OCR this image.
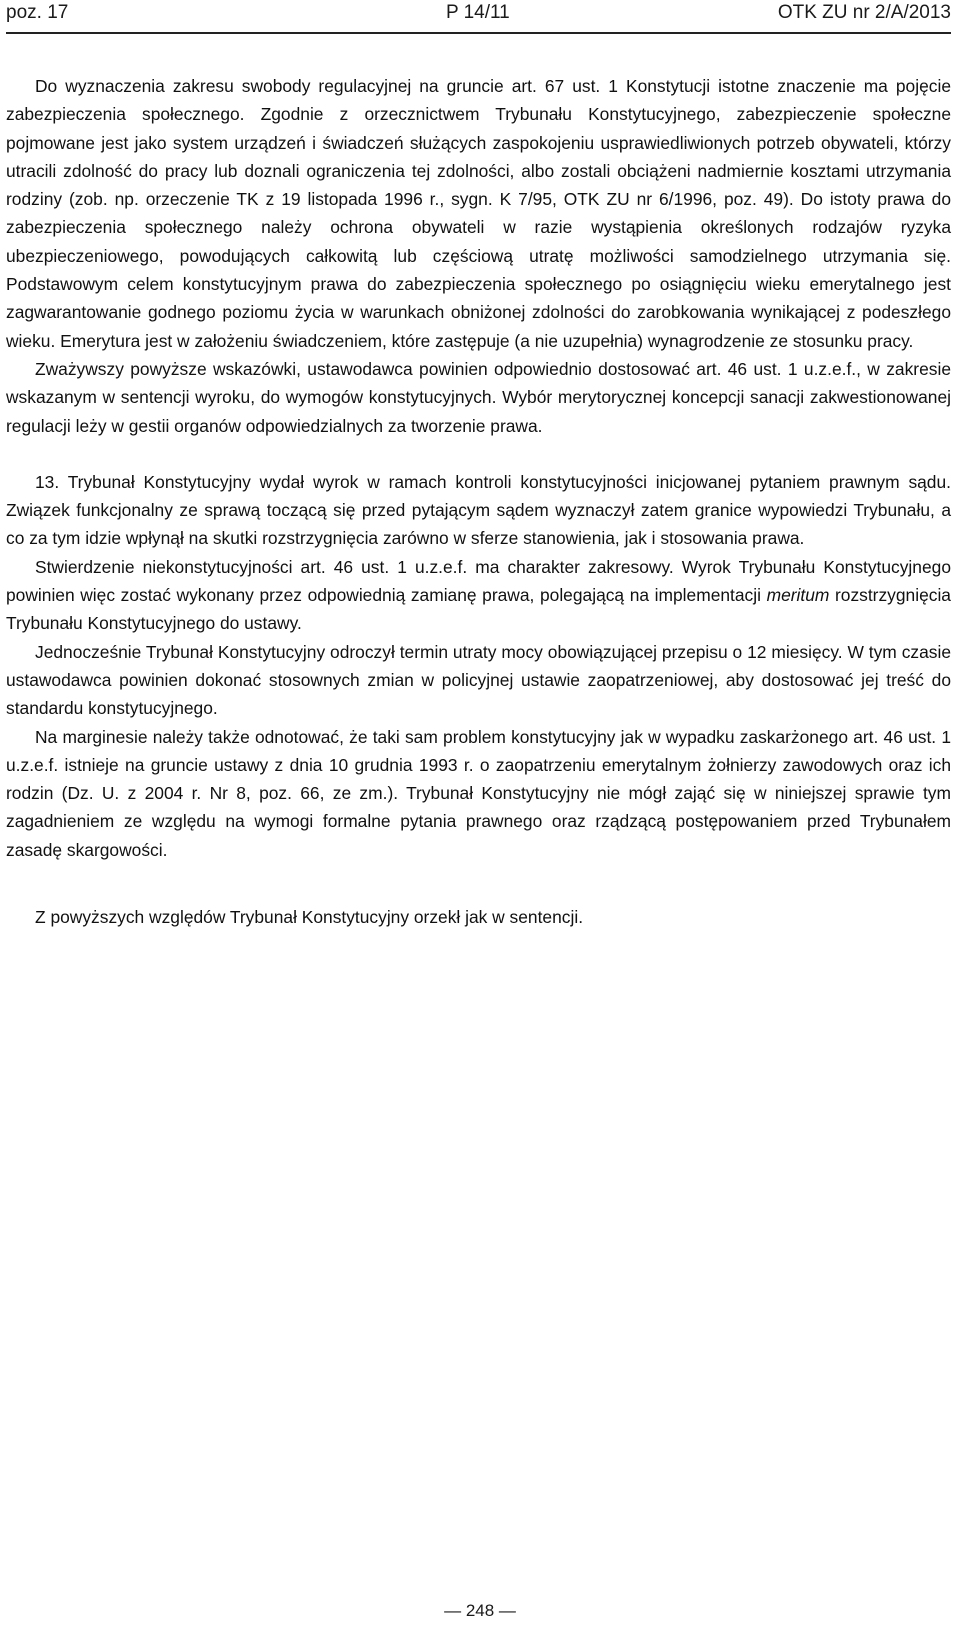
poz. 17	P 14/11	OTK ZU nr 2/A/2013

Do wyznaczenia zakresu swobody regulacyjnej na gruncie art. 67 ust. 1 Konstytucji istotne znaczenie ma pojęcie zabezpieczenia społecznego. Zgodnie z orzecznictwem Trybunału Konstytucyjnego, zabezpieczenie społeczne pojmowane jest jako system urządzeń i świadczeń służących zaspokojeniu usprawiedliwionych potrzeb obywateli, którzy utracili zdolność do pracy lub doznali ograniczenia tej zdolności, albo zostali obciążeni nadmiernie kosztami utrzymania rodziny (zob. np. orzeczenie TK z 19 listopada 1996 r., sygn. K 7/95, OTK ZU nr 6/1996, poz. 49). Do istoty prawa do zabezpieczenia społecznego należy ochrona obywateli w razie wystąpienia określonych rodzajów ryzyka ubezpieczeniowego, powodujących całkowitą lub częściową utratę możliwości samodzielnego utrzymania się. Podstawowym celem konstytucyjnym prawa do zabezpieczenia społecznego po osiągnięciu wieku emerytalnego jest zagwarantowanie godnego poziomu życia w warunkach obniżonej zdolności do zarobkowania wynikającej z podeszłego wieku. Emerytura jest w założeniu świadczeniem, które zastępuje (a nie uzupełnia) wynagrodzenie ze stosunku pracy.

Zważywszy powyższe wskazówki, ustawodawca powinien odpowiednio dostosować art. 46 ust. 1 u.z.e.f., w zakresie wskazanym w sentencji wyroku, do wymogów konstytucyjnych. Wybór merytorycznej koncepcji sanacji zakwestionowanej regulacji leży w gestii organów odpowiedzialnych za tworzenie prawa.

13. Trybunał Konstytucyjny wydał wyrok w ramach kontroli konstytucyjności inicjowanej pytaniem prawnym sądu. Związek funkcjonalny ze sprawą toczącą się przed pytającym sądem wyznaczył zatem granice wypowiedzi Trybunału, a co za tym idzie wpłynął na skutki rozstrzygnięcia zarówno w sferze stanowienia, jak i stosowania prawa.

Stwierdzenie niekonstytucyjności art. 46 ust. 1 u.z.e.f. ma charakter zakresowy. Wyrok Trybunału Konstytucyjnego powinien więc zostać wykonany przez odpowiednią zamianę prawa, polegającą na implementacji meritum rozstrzygnięcia Trybunału Konstytucyjnego do ustawy.

Jednocześnie Trybunał Konstytucyjny odroczył termin utraty mocy obowiązującej przepisu o 12 miesięcy. W tym czasie ustawodawca powinien dokonać stosownych zmian w policyjnej ustawie zaopatrzeniowej, aby dostosować jej treść do standardu konstytucyjnego.

Na marginesie należy także odnotować, że taki sam problem konstytucyjny jak w wypadku zaskarżonego art. 46 ust. 1 u.z.e.f. istnieje na gruncie ustawy z dnia 10 grudnia 1993 r. o zaopatrzeniu emerytalnym żołnierzy zawodowych oraz ich rodzin (Dz. U. z 2004 r. Nr 8, poz. 66, ze zm.). Trybunał Konstytucyjny nie mógł zająć się w niniejszej sprawie tym zagadnieniem ze względu na wymogi formalne pytania prawnego oraz rządzącą postępowaniem przed Trybunałem zasadę skargowości.

Z powyższych względów Trybunał Konstytucyjny orzekł jak w sentencji.

— 248 —
